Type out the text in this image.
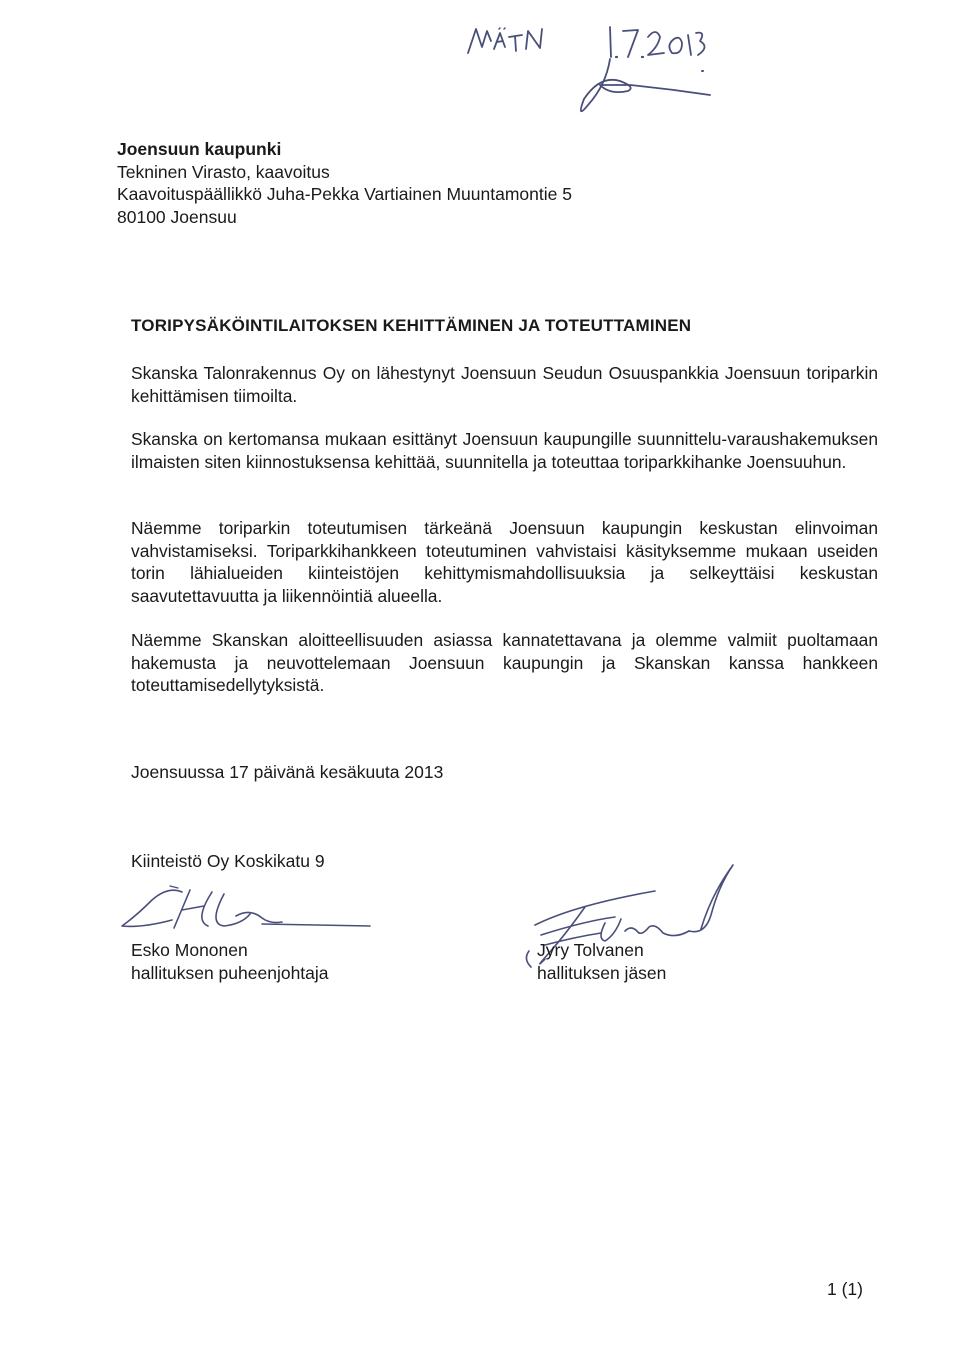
Joensuun kaupunki
Tekninen Virasto, kaavoitus
Kaavoituspäällikkö Juha-Pekka Vartiainen Muuntamontie 5
80100 Joensuu
TORIPYSÄKÖINTILAITOKSEN KEHITTÄMINEN JA TOTEUTTAMINEN
Skanska Talonrakennus Oy on lähestynyt Joensuun Seudun Osuuspankkia Joensuun toriparkin kehittämisen tiimoilta.
Skanska on kertomansa mukaan esittänyt Joensuun kaupungille suunnittelu-varaushakemuksen ilmaisten siten kiinnostuksensa kehittää, suunnitella ja toteuttaa toriparkkihanke Joensuuhun.
Näemme toriparkin toteutumisen tärkeänä Joensuun kaupungin keskustan elinvoiman vahvistamiseksi. Toriparkkihankkeen toteutuminen vahvistaisi käsityksemme mukaan useiden torin lähialueiden kiinteistöjen kehittymismahdollisuuksia ja selkeyttäisi keskustan saavutettavuutta ja liikennöintiä alueella.
Näemme Skanskan aloitteellisuuden asiassa kannatettavana ja olemme valmiit puoltamaan hakemusta ja neuvottelemaan Joensuun kaupungin ja Skanskan kanssa hankkeen toteuttamisedellytyksistä.
Joensuussa 17 päivänä kesäkuuta 2013
Kiinteistö Oy Koskikatu 9
Esko Mononen
hallituksen puheenjohtaja
Jyry Tolvanen
hallituksen jäsen
1 (1)
